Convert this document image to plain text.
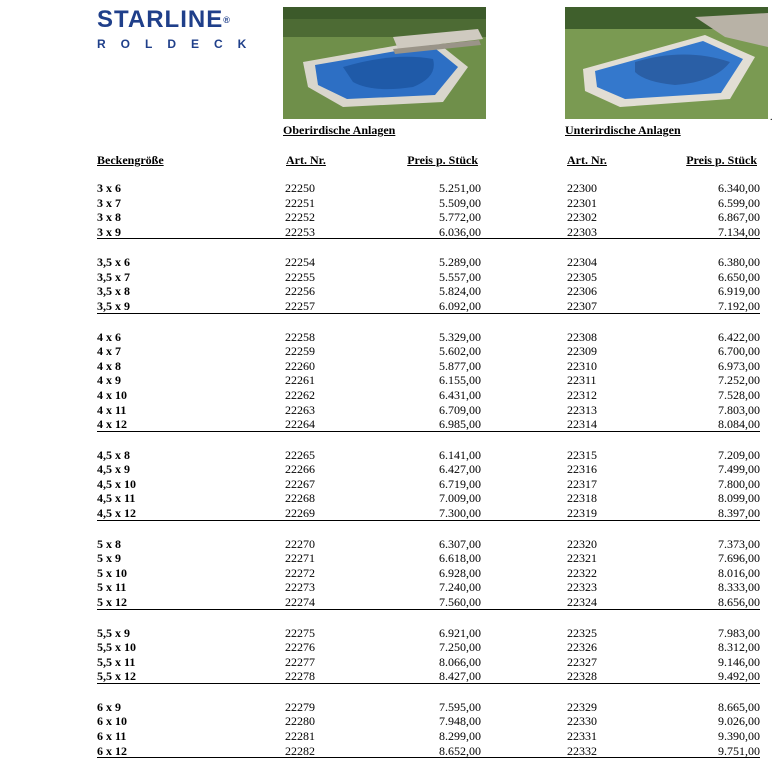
STARLINE®
ROLDECK
.
Oberirdische Anlagen	Unterirdische Anlagen
Beckengröße	Art. Nr.	Preis p. Stück	Art. Nr.	Preis p. Stück
3 x 6	22250	5.251,00	22300	6.340,00
3 x 7	22251	5.509,00	22301	6.599,00
3 x 8	22252	5.772,00	22302	6.867,00
3 x 9	22253	6.036,00	22303	7.134,00
3,5 x 6	22254	5.289,00	22304	6.380,00
3,5 x 7	22255	5.557,00	22305	6.650,00
3,5 x 8	22256	5.824,00	22306	6.919,00
3,5 x 9	22257	6.092,00	22307	7.192,00
4 x 6	22258	5.329,00	22308	6.422,00
4 x 7	22259	5.602,00	22309	6.700,00
4 x 8	22260	5.877,00	22310	6.973,00
4 x 9	22261	6.155,00	22311	7.252,00
4 x 10	22262	6.431,00	22312	7.528,00
4 x 11	22263	6.709,00	22313	7.803,00
4 x 12	22264	6.985,00	22314	8.084,00
4,5 x 8	22265	6.141,00	22315	7.209,00
4,5 x 9	22266	6.427,00	22316	7.499,00
4,5 x 10	22267	6.719,00	22317	7.800,00
4,5 x 11	22268	7.009,00	22318	8.099,00
4,5 x 12	22269	7.300,00	22319	8.397,00
5 x 8	22270	6.307,00	22320	7.373,00
5 x 9	22271	6.618,00	22321	7.696,00
5 x 10	22272	6.928,00	22322	8.016,00
5 x 11	22273	7.240,00	22323	8.333,00
5 x 12	22274	7.560,00	22324	8.656,00
5,5 x 9	22275	6.921,00	22325	7.983,00
5,5 x 10	22276	7.250,00	22326	8.312,00
5,5 x 11	22277	8.066,00	22327	9.146,00
5,5 x 12	22278	8.427,00	22328	9.492,00
6 x 9	22279	7.595,00	22329	8.665,00
6 x 10	22280	7.948,00	22330	9.026,00
6 x 11	22281	8.299,00	22331	9.390,00
6 x 12	22282	8.652,00	22332	9.751,00
